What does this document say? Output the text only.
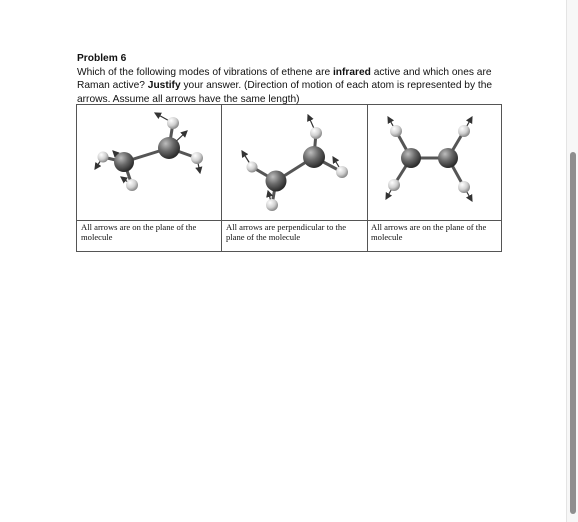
Problem 6
Which of the following modes of vibrations of ethene are infrared active and which ones are Raman active? Justify your answer. (Direction of motion of each atom is represented by the arrows. Assume all arrows have the same length)
All arrows are on the plane of the molecule
All arrows are perpendicular to the plane of the molecule
All arrows are on the plane of the molecule
